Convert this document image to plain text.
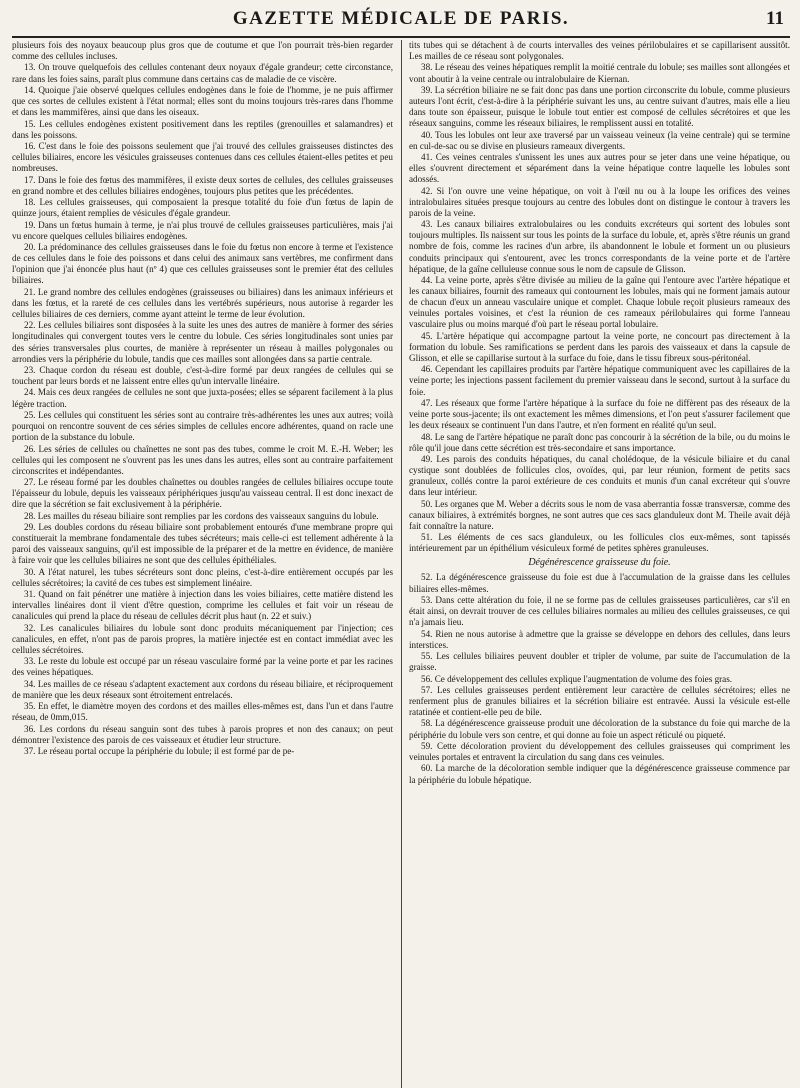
GAZETTE MÉDICALE DE PARIS.	11

plusieurs fois des noyaux beaucoup plus gros que de coutume et que l'on pourrait très-bien regarder comme des cellules incluses.

13. On trouve quelquefois des cellules contenant deux noyaux d'égale grandeur; cette circonstance, rare dans les foies sains, paraît plus commune dans certains cas de maladie de ce viscère.

14. Quoique j'aie observé quelques cellules endogènes dans le foie de l'homme, je ne puis affirmer que ces sortes de cellules existent à l'état normal; elles sont du moins toujours très-rares dans l'homme et dans les mammifères, ainsi que dans les oiseaux.

15. Les cellules endogènes existent positivement dans les reptiles (grenouilles et salamandres) et dans les poissons.

16. C'est dans le foie des poissons seulement que j'ai trouvé des cellules graisseuses distinctes des cellules biliaires, encore les vésicules graisseuses contenues dans ces cellules étaient-elles petites et peu nombreuses.

17. Dans le foie des fœtus des mammifères, il existe deux sortes de cellules, des cellules graisseuses en grand nombre et des cellules biliaires endogènes, toujours plus petites que les précédentes.

18. Les cellules graisseuses, qui composaient la presque totalité du foie d'un fœtus de lapin de quinze jours, étaient remplies de vésicules d'égale grandeur.

19. Dans un fœtus humain à terme, je n'ai plus trouvé de cellules graisseuses particulières, mais j'ai vu encore quelques cellules biliaires endogènes.

20. La prédominance des cellules graisseuses dans le foie du fœtus non encore à terme et l'existence de ces cellules dans le foie des poissons et dans celui des animaux sans vertèbres, me confirment dans l'opinion que j'ai énoncée plus haut (nº 4) que ces cellules graisseuses sont le premier état des cellules biliaires.

21. Le grand nombre des cellules endogènes (graisseuses ou biliaires) dans les animaux inférieurs et dans les fœtus, et la rareté de ces cellules dans les vertébrés supérieurs, nous autorise à regarder les cellules biliaires de ces derniers, comme ayant atteint le terme de leur évolution.

22. Les cellules biliaires sont disposées à la suite les unes des autres de manière à former des séries longitudinales qui convergent toutes vers le centre du lobule. Ces séries longitudinales sont unies par des séries transversales plus courtes, de manière à représenter un réseau à mailles polygonales ou arrondies vers la périphérie du lobule, tandis que ces mailles sont allongées dans sa partie centrale.

23. Chaque cordon du réseau est double, c'est-à-dire formé par deux rangées de cellules qui se touchent par leurs bords et ne laissent entre elles qu'un intervalle linéaire.

24. Mais ces deux rangées de cellules ne sont que juxta-posées; elles se séparent facilement à la plus légère traction.

25. Les cellules qui constituent les séries sont au contraire très-adhérentes les unes aux autres; voilà pourquoi on rencontre souvent de ces séries simples de cellules encore adhérentes, quand on racle une portion de la substance du lobule.

26. Les séries de cellules ou chaînettes ne sont pas des tubes, comme le croit M. E.-H. Weber; les cellules qui les composent ne s'ouvrent pas les unes dans les autres, elles sont au contraire parfaitement circonscrites et indépendantes.

27. Le réseau formé par les doubles chaînettes ou doubles rangées de cellules biliaires occupe toute l'épaisseur du lobule, depuis les vaisseaux périphériques jusqu'au vaisseau central. Il est donc inexact de dire que la sécrétion se fait exclusivement à la périphérie.

28. Les mailles du réseau biliaire sont remplies par les cordons des vaisseaux sanguins du lobule.

29. Les doubles cordons du réseau biliaire sont probablement entourés d'une membrane propre qui constituerait la membrane fondamentale des tubes sécréteurs; mais celle-ci est tellement adhérente à la paroi des vaisseaux sanguins, qu'il est impossible de la préparer et de la mettre en évidence, de manière à faire voir que les cellules biliaires ne sont que des cellules épithéliales.

30. A l'état naturel, les tubes sécréteurs sont donc pleins, c'est-à-dire entièrement occupés par les cellules sécrétoires; la cavité de ces tubes est simplement linéaire.

31. Quand on fait pénétrer une matière à injection dans les voies biliaires, cette matière distend les intervalles linéaires dont il vient d'être question, comprime les cellules et fait voir un réseau de canalicules qui prend la place du réseau de cellules décrit plus haut (n. 22 et suiv.)

32. Les canalicules biliaires du lobule sont donc produits mécaniquement par l'injection; ces canalicules, en effet, n'ont pas de parois propres, la matière injectée est en contact immédiat avec les cellules sécrétoires.

33. Le reste du lobule est occupé par un réseau vasculaire formé par la veine porte et par les racines des veines hépatiques.

34. Les mailles de ce réseau s'adaptent exactement aux cordons du réseau biliaire, et réciproquement de manière que les deux réseaux sont étroitement entrelacés.

35. En effet, le diamètre moyen des cordons et des mailles elles-mêmes est, dans l'un et dans l'autre réseau, de 0mm,015.

36. Les cordons du réseau sanguin sont des tubes à parois propres et non des canaux; on peut démontrer l'existence des parois de ces vaisseaux et étudier leur structure.

37. Le réseau portal occupe la périphérie du lobule; il est formé par de pe-

tits tubes qui se détachent à de courts intervalles des veines périlobulaires et se capillarisent aussitôt. Les mailles de ce réseau sont polygonales.

38. Le réseau des veines hépatiques remplit la moitié centrale du lobule; ses mailles sont allongées et vont aboutir à la veine centrale ou intralobulaire de Kiernan.

39. La sécrétion biliaire ne se fait donc pas dans une portion circonscrite du lobule, comme plusieurs auteurs l'ont écrit, c'est-à-dire à la périphérie suivant les uns, au centre suivant d'autres, mais elle a lieu dans toute son épaisseur, puisque le lobule tout entier est composé de cellules sécrétoires et que les réseaux sanguins, comme les réseaux biliaires, le remplissent aussi en totalité.

40. Tous les lobules ont leur axe traversé par un vaisseau veineux (la veine centrale) qui se termine en cul-de-sac ou se divise en plusieurs rameaux divergents.

41. Ces veines centrales s'unissent les unes aux autres pour se jeter dans une veine hépatique, ou elles s'ouvrent directement et séparément dans la veine hépatique contre laquelle les lobules sont adossés.

42. Si l'on ouvre une veine hépatique, on voit à l'œil nu ou à la loupe les orifices des veines intralobulaires situées presque toujours au centre des lobules dont on distingue le contour à travers les parois de la veine.

43. Les canaux biliaires extralobulaires ou les conduits excréteurs qui sortent des lobules sont toujours multiples. Ils naissent sur tous les points de la surface du lobule, et, après s'être réunis un grand nombre de fois, comme les racines d'un arbre, ils abandonnent le lobule et forment un ou plusieurs conduits principaux qui s'entourent, avec les troncs correspondants de la veine porte et de l'artère hépatique, de la gaîne celluleuse connue sous le nom de capsule de Glisson.

44. La veine porte, après s'être divisée au milieu de la gaîne qui l'entoure avec l'artère hépatique et les canaux biliaires, fournit des rameaux qui contournent les lobules, mais qui ne forment jamais autour de chacun d'eux un anneau vasculaire unique et complet. Chaque lobule reçoit plusieurs rameaux des veinules portales voisines, et c'est la réunion de ces rameaux périlobulaires qui forme l'anneau vasculaire plus ou moins marqué d'où part le réseau portal lobulaire.

45. L'artère hépatique qui accompagne partout la veine porte, ne concourt pas directement à la formation du lobule. Ses ramifications se perdent dans les parois des vaisseaux et dans la capsule de Glisson, et elle se capillarise surtout à la surface du foie, dans le tissu fibreux sous-péritonéal.

46. Cependant les capillaires produits par l'artère hépatique communiquent avec les capillaires de la veine porte; les injections passent facilement du premier vaisseau dans le second, surtout à la surface du foie.

47. Les réseaux que forme l'artère hépatique à la surface du foie ne diffèrent pas des réseaux de la veine porte sous-jacente; ils ont exactement les mêmes dimensions, et l'on peut s'assurer facilement que les deux réseaux se continuent l'un dans l'autre, et n'en forment en réalité qu'un seul.

48. Le sang de l'artère hépatique ne paraît donc pas concourir à la sécrétion de la bile, ou du moins le rôle qu'il joue dans cette sécrétion est très-secondaire et sans importance.

49. Les parois des conduits hépatiques, du canal cholédoque, de la vésicule biliaire et du canal cystique sont doublées de follicules clos, ovoïdes, qui, par leur réunion, forment de petits sacs granuleux, collés contre la paroi extérieure de ces conduits et munis d'un canal excréteur qui s'ouvre dans leur intérieur.

50. Les organes que M. Weber a décrits sous le nom de vasa aberrantia fossæ transversæ, comme des canaux biliaires, à extrémités borgnes, ne sont autres que ces sacs glanduleux dont M. Theile avait déjà fait connaître la nature.

51. Les éléments de ces sacs glanduleux, ou les follicules clos eux-mêmes, sont tapissés intérieurement par un épithélium vésiculeux formé de petites sphères granuleuses.

Dégénérescence graisseuse du foie.

52. La dégénérescence graisseuse du foie est due à l'accumulation de la graisse dans les cellules biliaires elles-mêmes.

53. Dans cette altération du foie, il ne se forme pas de cellules graisseuses particulières, car s'il en était ainsi, on devrait trouver de ces cellules biliaires normales au milieu des cellules graisseuses, ce qui n'a jamais lieu.

54. Rien ne nous autorise à admettre que la graisse se développe en dehors des cellules, dans leurs interstices.

55. Les cellules biliaires peuvent doubler et tripler de volume, par suite de l'accumulation de la graisse.

56. Ce développement des cellules explique l'augmentation de volume des foies gras.

57. Les cellules graisseuses perdent entièrement leur caractère de cellules sécrétoires; elles ne renferment plus de granules biliaires et la sécrétion biliaire est entravée. Aussi la vésicule est-elle ratatinée et contient-elle peu de bile.

58. La dégénérescence graisseuse produit une décoloration de la substance du foie qui marche de la périphérie du lobule vers son centre, et qui donne au foie un aspect réticulé ou piqueté.

59. Cette décoloration provient du développement des cellules graisseuses qui compriment les veinules portales et entravent la circulation du sang dans ces veinules.

60. La marche de la décoloration semble indiquer que la dégénérescence graisseuse commence par la périphérie du lobule hépatique.
